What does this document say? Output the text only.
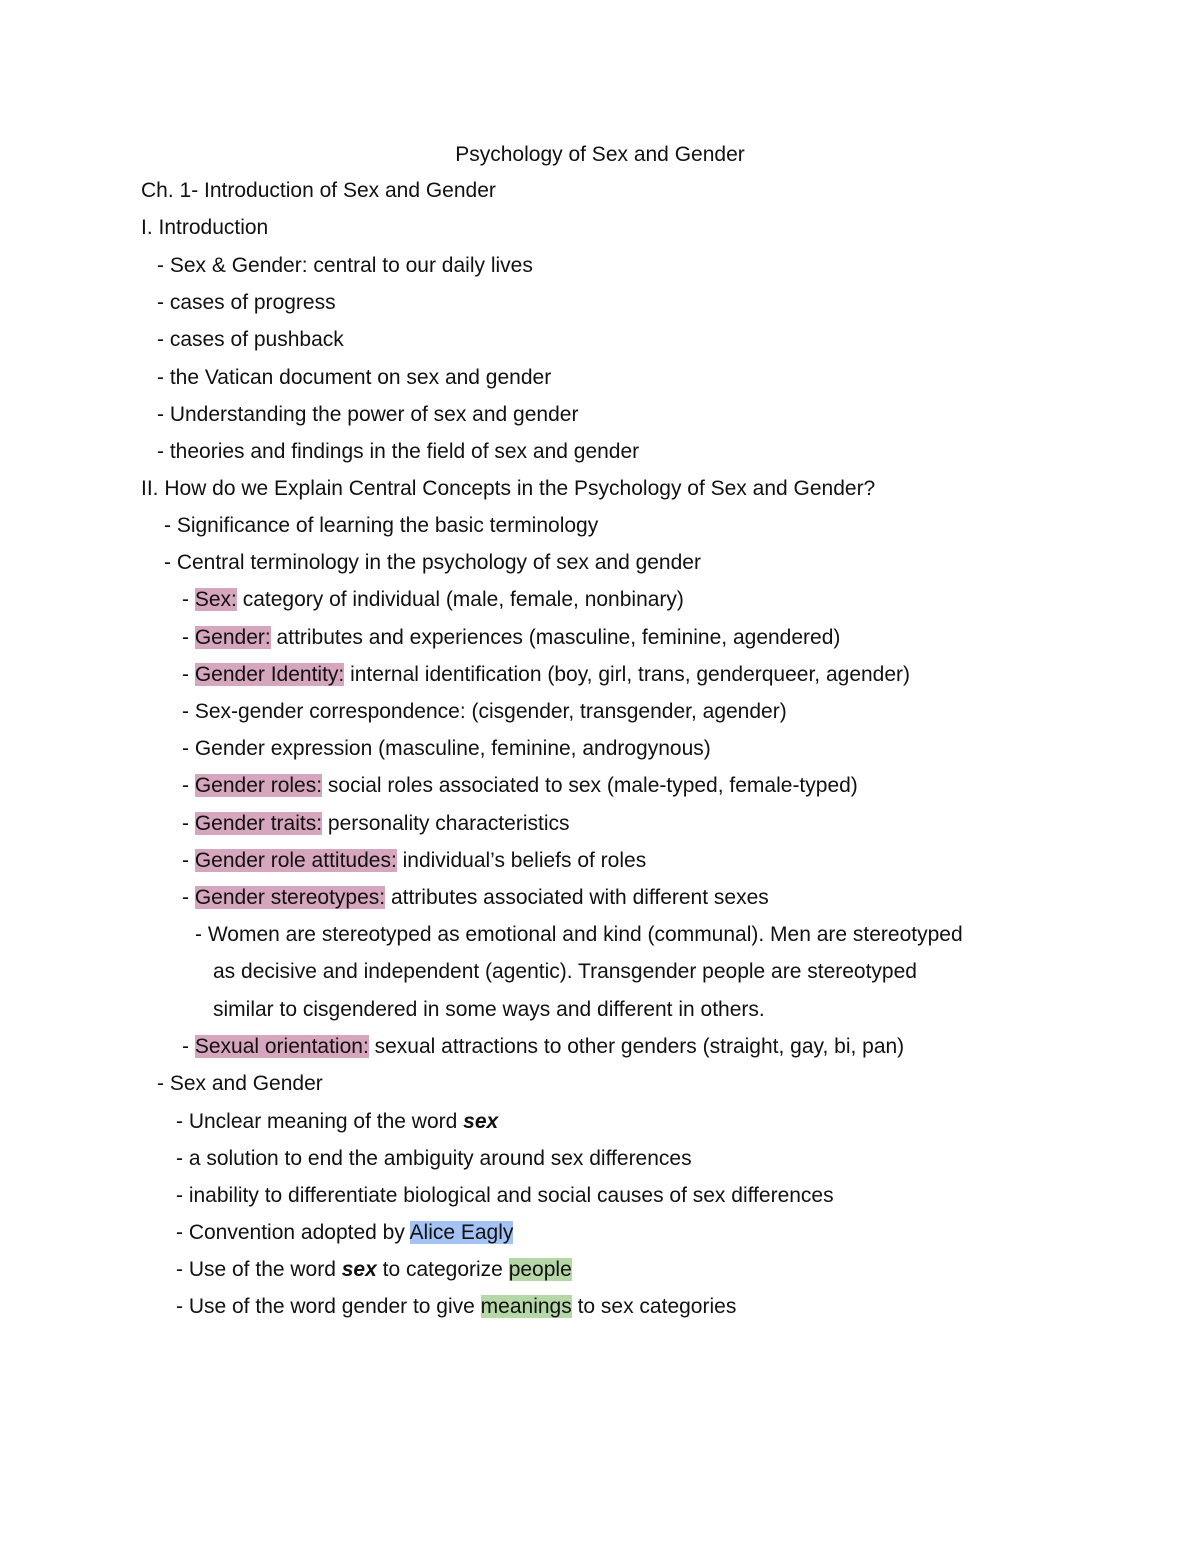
Psychology of Sex and Gender
Ch. 1- Introduction of Sex and Gender
I. Introduction
- Sex & Gender: central to our daily lives
- cases of progress
- cases of pushback
- the Vatican document on sex and gender
- Understanding the power of sex and gender
- theories and findings in the field of sex and gender
II. How do we Explain Central Concepts in the Psychology of Sex and Gender?
- Significance of learning the basic terminology
- Central terminology in the psychology of sex and gender
- Sex: category of individual (male, female, nonbinary)
- Gender: attributes and experiences (masculine, feminine, agendered)
- Gender Identity: internal identification (boy, girl, trans, genderqueer, agender)
- Sex-gender correspondence: (cisgender, transgender, agender)
- Gender expression (masculine, feminine, androgynous)
- Gender roles: social roles associated to sex (male-typed, female-typed)
- Gender traits: personality characteristics
- Gender role attitudes: individual’s beliefs of roles
- Gender stereotypes: attributes associated with different sexes
- Women are stereotyped as emotional and kind (communal). Men are stereotyped
as decisive and independent (agentic). Transgender people are stereotyped
similar to cisgendered in some ways and different in others.
- Sexual orientation: sexual attractions to other genders (straight, gay, bi, pan)
- Sex and Gender
- Unclear meaning of the word sex
- a solution to end the ambiguity around sex differences
- inability to differentiate biological and social causes of sex differences
- Convention adopted by Alice Eagly
- Use of the word sex to categorize people
- Use of the word gender to give meanings to sex categories
